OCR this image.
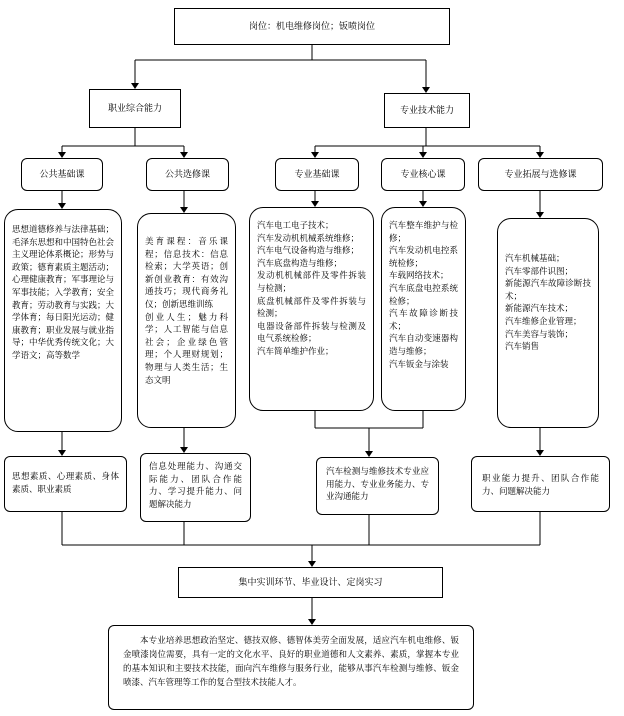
岗位：机电维修岗位；钣喷岗位
职业综合能力	专业技术能力
公共基础课	公共选修课	专业基础课	专业核心课	专业拓展与选修课
思想道德修养与法律基础；毛泽东思想和中国特色社会主义理论体系概论；形势与政策；德育素质主题活动；心理健康教育；军事理论与军事技能；入学教育；安全教育；劳动教育与实践；大学体育；每日阳光运动；健康教育；职业发展与就业指导；中华优秀传统文化；大学语文；高等数学
美育课程：音乐课程；信息技术：信息检索；大学英语；创新创业教育：有效沟通技巧；现代商务礼仪；创新思维训练
创业人生；魅力科学；人工智能与信息社会；企业绿色管理；个人理财规划；物理与人类生活；生态文明
汽车电工电子技术；
汽车发动机机械系统维修；
汽车电气设备构造与维修；
汽车底盘构造与维修；
发动机机械部件及零件拆装与检测；
底盘机械部件及零件拆装与检测；
电器设备部件拆装与检测及电气系统检修；
汽车简单维护作业；
汽车整车维护与检修；
汽车发动机电控系统检修；
车载网络技术；
汽车底盘电控系统检修；
汽车故障诊断技术；
汽车自动变速器构造与维修；
汽车钣金与涂装
汽车机械基础；
汽车零部件识图；
新能源汽车故障诊断技术；
新能源汽车技术；
汽车维修企业管理；
汽车美容与装饰；
汽车销售
思想素质、心理素质、身体素质、职业素质
信息处理能力、沟通交际能力、团队合作能力、学习提升能力、问题解决能力
汽车检测与维修技术专业应用能力、专业业务能力、专业沟通能力
职业能力提升、团队合作能力、问题解决能力
集中实训环节、毕业设计、定岗实习
本专业培养思想政治坚定、德技双修、德智体美劳全面发展，适应汽车机电维修、钣金喷漆岗位需要，具有一定的文化水平、良好的职业道德和人文素养、素质，掌握本专业的基本知识和主要技术技能，面向汽车维修与服务行业，能够从事汽车检测与维修、钣金喷漆、汽车管理等工作的复合型技术技能人才。
